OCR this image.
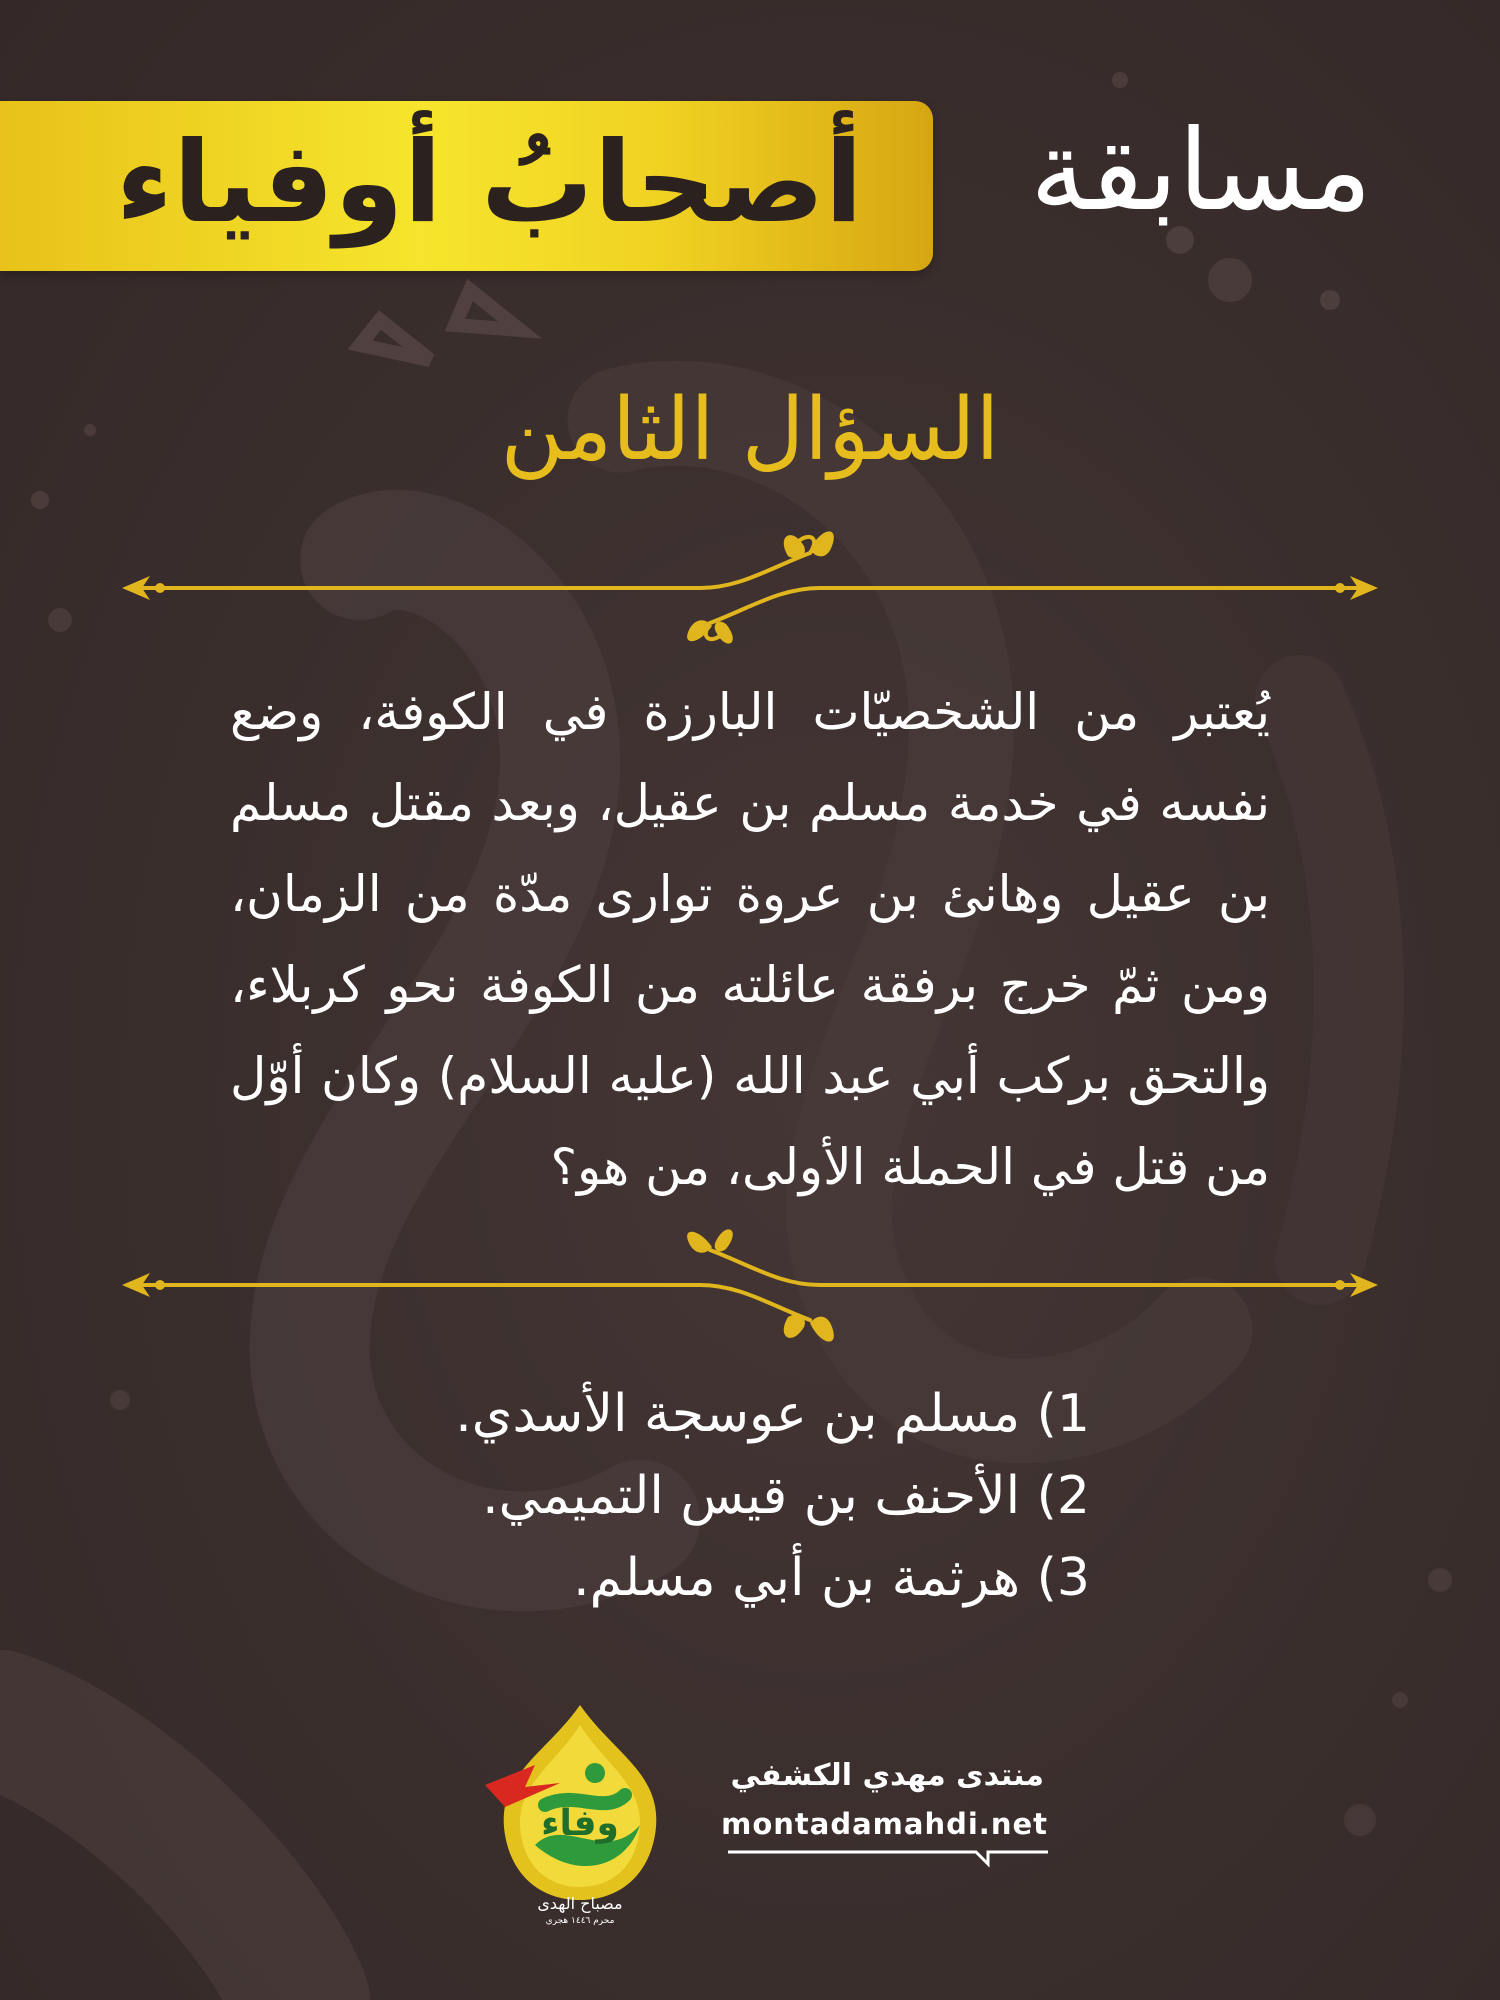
أصحابُ أوفياء مسابقة
السؤال الثامن

يُعتبر من الشخصيّات البارزة في الكوفة، وضع نفسه في خدمة مسلم بن عقيل، وبعد مقتل مسلم بن عقيل وهانئ بن عروة توارى مدّة من الزمان، ومن ثمّ خرج برفقة عائلته من الكوفة نحو كربلاء، والتحق بركب أبي عبد الله (عليه السلام) وكان أوّل من قتل في الحملة الأولى، من هو؟

1) مسلم بن عوسجة الأسدي.
2) الأحنف بن قيس التميمي.
3) هرثمة بن أبي مسلم.
وفاء
مصباح الهدى
محرم ١٤٤٦ هجري
منتدى مهدي الكشفي
montadamahdi.net
